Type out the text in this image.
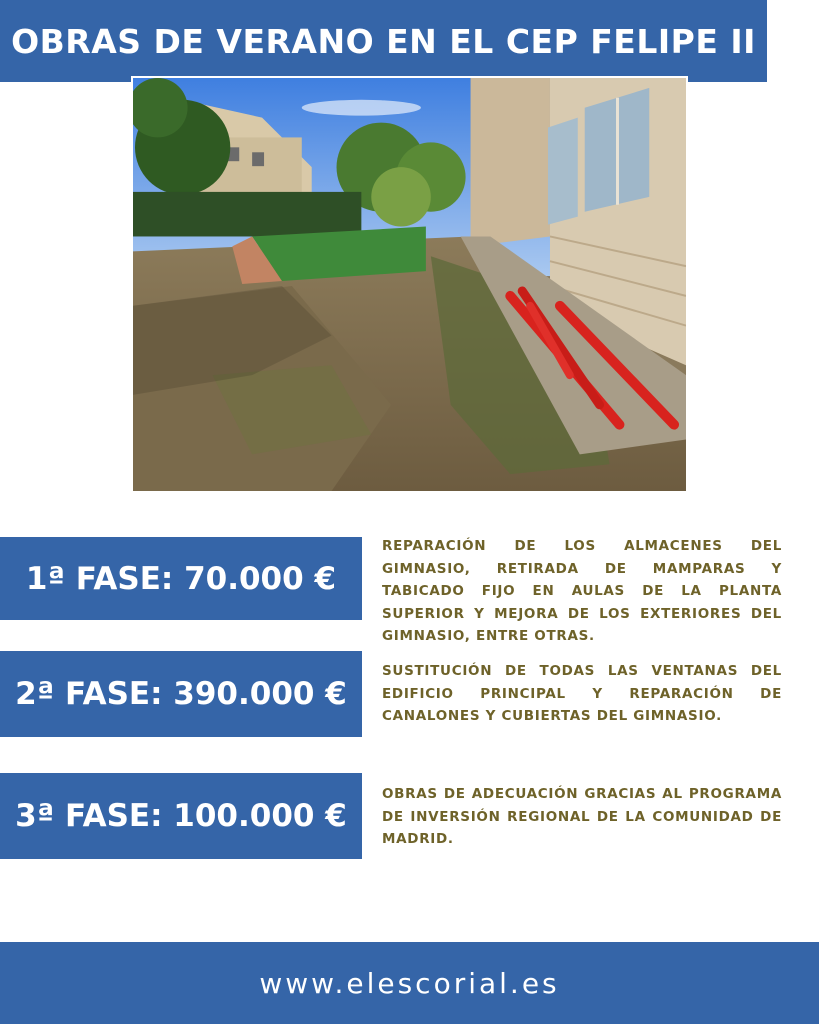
OBRAS DE VERANO EN EL CEP FELIPE II
1ª FASE: 70.000 €

REPARACIÓN DE LOS ALMACENES DEL GIMNASIO, RETIRADA DE MAMPARAS Y TABICADO FIJO EN AULAS DE LA PLANTA SUPERIOR Y MEJORA DE LOS EXTERIORES DEL GIMNASIO, ENTRE OTRAS.

2ª FASE: 390.000 €

SUSTITUCIÓN DE TODAS LAS VENTANAS DEL EDIFICIO PRINCIPAL Y REPARACIÓN DE CANALONES Y CUBIERTAS DEL GIMNASIO.

3ª FASE: 100.000 €

OBRAS DE ADECUACIÓN GRACIAS AL PROGRAMA DE INVERSIÓN REGIONAL DE LA COMUNIDAD DE MADRID.

www.elescorial.es
